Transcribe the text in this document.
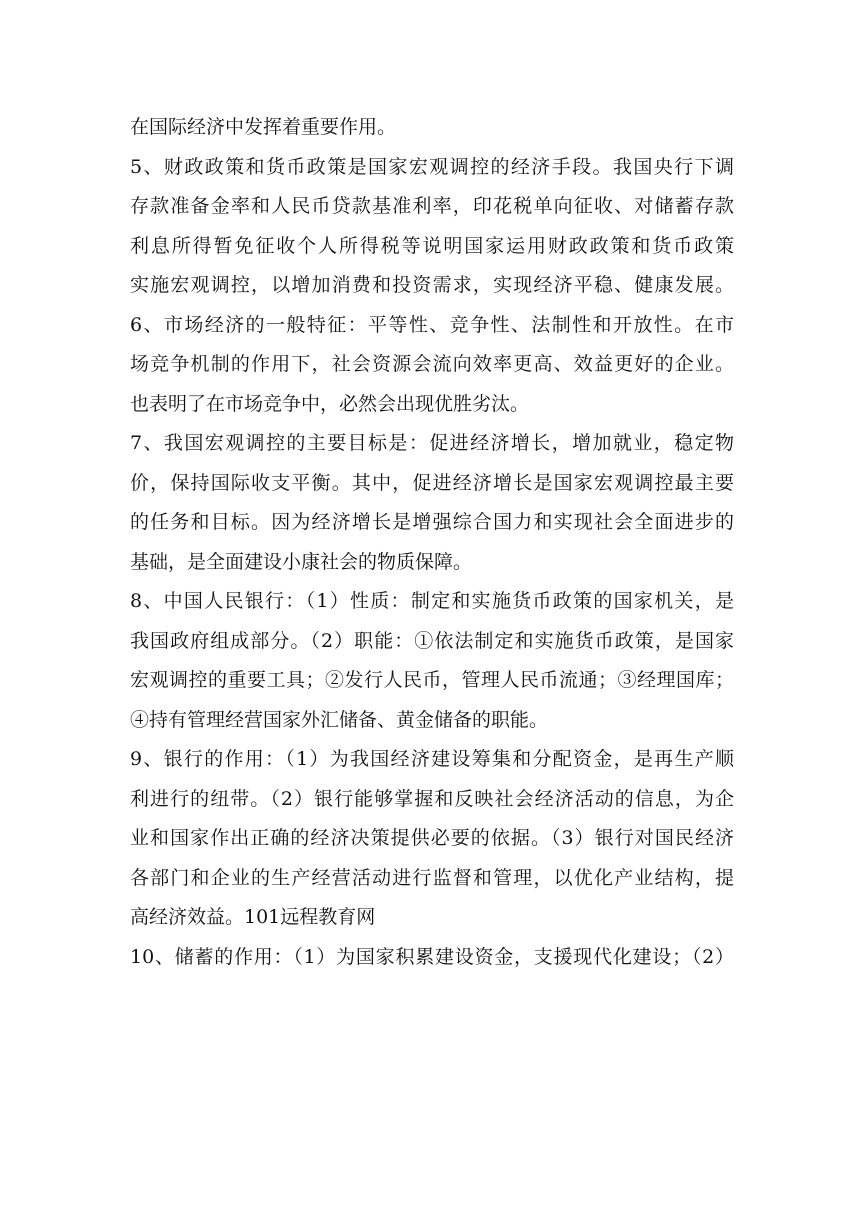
在国际经济中发挥着重要作用。
5、财政政策和货币政策是国家宏观调控的经济手段。我国央行下调
存款准备金率和人民币贷款基准利率，印花税单向征收、对储蓄存款
利息所得暂免征收个人所得税等说明国家运用财政政策和货币政策
实施宏观调控，以增加消费和投资需求，实现经济平稳、健康发展。
6、市场经济的一般特征：平等性、竞争性、法制性和开放性。在市
场竞争机制的作用下，社会资源会流向效率更高、效益更好的企业。
也表明了在市场竞争中，必然会出现优胜劣汰。
7、我国宏观调控的主要目标是：促进经济增长，增加就业，稳定物
价，保持国际收支平衡。其中，促进经济增长是国家宏观调控最主要
的任务和目标。因为经济增长是增强综合国力和实现社会全面进步的
基础，是全面建设小康社会的物质保障。
8、中国人民银行：（1）性质：制定和实施货币政策的国家机关，是
我国政府组成部分。（2）职能：①依法制定和实施货币政策，是国家
宏观调控的重要工具；②发行人民币，管理人民币流通；③经理国库；
④持有管理经营国家外汇储备、黄金储备的职能。
9、银行的作用：（1）为我国经济建设筹集和分配资金，是再生产顺
利进行的纽带。（2）银行能够掌握和反映社会经济活动的信息，为企
业和国家作出正确的经济决策提供必要的依据。（3）银行对国民经济
各部门和企业的生产经营活动进行监督和管理，以优化产业结构，提
高经济效益。101远程教育网
10、储蓄的作用：（1）为国家积累建设资金，支援现代化建设；（2）
